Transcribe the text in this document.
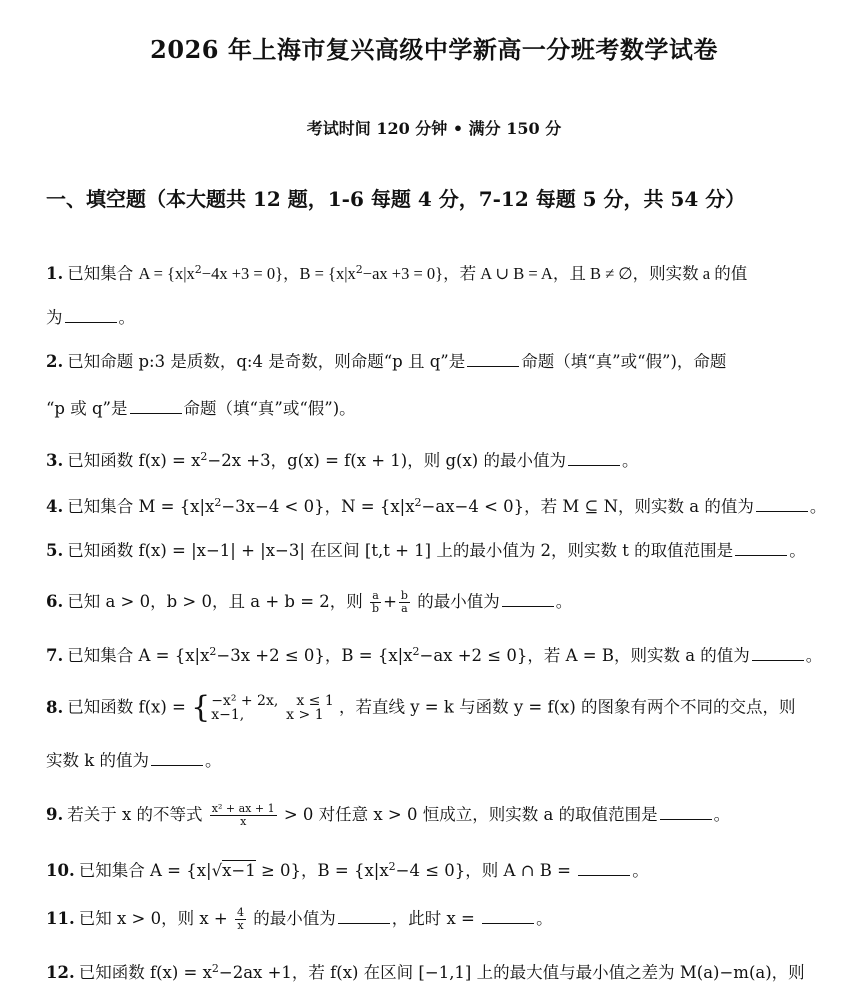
2026 年上海市复兴高级中学新高一分班考数学试卷
考试时间 120 分钟 • 满分 150 分
一、填空题（本大题共 12 题，1-6 每题 4 分，7-12 每题 5 分，共 54 分）
1. 已知集合 $A = \{x|x^2-4x +3 = 0\}$，$B = \{x|x^2-ax +3 = 0\}$，若 A ∪ B = A，且 B ≠ ∅，则实数 a 的值
为	。
2. 已知命题 p:3 是质数，q:4 是奇数，则命题“p 且 q”是	命题（填“真”或“假”)，命题
“p 或 q”是	命题（填“真”或“假”)。
3. 已知函数 $f(x) = x^2-2x +3$，g(x) = f(x + 1)，则 g(x) 的最小值为	。
4. 已知集合 $M = \{x|x^2-3x-4 < 0\}$，$N = \{x|x^2-ax-4 < 0\}$，若 M ⊆ N，则实数 a 的值为	。
5. 已知函数 f(x) = |x−1| + |x−3| 在区间 [t,t + 1] 上的最小值为 2，则实数 t 的取值范围是	。
6. 已知 a > 0，b > 0，且 a + b = 2，则 $\frac{a}{b} + \frac{b}{a}$ 的最小值为	。
7. 已知集合 $A = \{x|x^2-3x +2 \le 0\}$，$B = \{x|x^2-ax +2 \le 0\}$，若 A = B，则实数 a 的值为	。
8. 已知函数 f(x) = { −x² + 2x, x ≤ 1
x−1,	x > 1 ，若直线 y = k 与函数 y = f(x) 的图象有两个不同的交点，则
实数 k 的值为	。
9. 若关于 x 的不等式 $\frac{\text{x² + ax + 1}}{x} > 0$ 对任意 x > 0 恒成立，则实数 a 的取值范围是	。
10. 已知集合 A = {x|√x−1 ≥ 0}，$B = \{x|x^2-4 \le 0\}$，则 A ∩ B =	。
11. 已知 x > 0，则 $x + \frac{4}{x}$ 的最小值为	，此时 x =	。
12. 已知函数 $f(x) = x^2-2ax +1$，若 f(x) 在区间 [−1,1] 上的最大值与最小值之差为 M(a)−m(a)，则
